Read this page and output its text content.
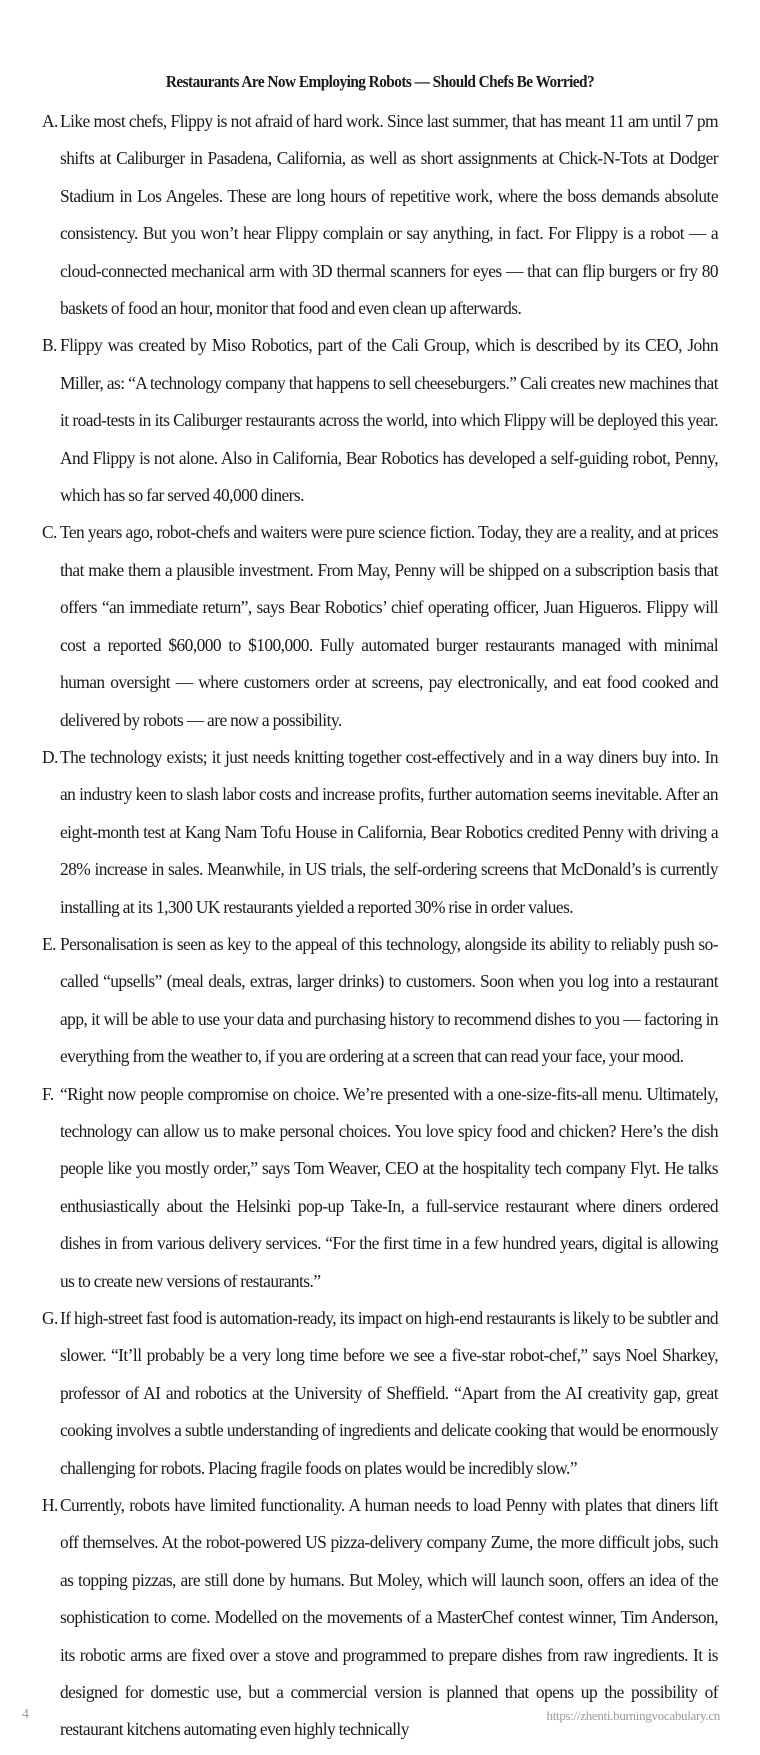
Restaurants Are Now Employing Robots — Should Chefs Be Worried?

A. Like most chefs, Flippy is not afraid of hard work. Since last summer, that has meant 11 am until 7 pm shifts at Caliburger in Pasadena, California, as well as short assignments at Chick-N-Tots at Dodger Stadium in Los Angeles. These are long hours of repetitive work, where the boss demands absolute consistency. But you won’t hear Flippy complain or say anything, in fact. For Flippy is a robot — a cloud-connected mechanical arm with 3D thermal scanners for eyes — that can flip burgers or fry 80 baskets of food an hour, monitor that food and even clean up afterwards.

B. Flippy was created by Miso Robotics, part of the Cali Group, which is described by its CEO, John Miller, as: “A technology company that happens to sell cheeseburgers.” Cali creates new machines that it road-tests in its Caliburger restaurants across the world, into which Flippy will be deployed this year. And Flippy is not alone. Also in California, Bear Robotics has developed a self-guiding robot, Penny, which has so far served 40,000 diners.

C. Ten years ago, robot-chefs and waiters were pure science fiction. Today, they are a reality, and at prices that make them a plausible investment. From May, Penny will be shipped on a subscription basis that offers “an immediate return”, says Bear Robotics’ chief operating officer, Juan Higueros. Flippy will cost a reported $60,000 to $100,000. Fully automated burger restaurants managed with minimal human oversight — where customers order at screens, pay electronically, and eat food cooked and delivered by robots — are now a possibility.

D. The technology exists; it just needs knitting together cost-effectively and in a way diners buy into. In an industry keen to slash labor costs and increase profits, further automation seems inevitable. After an eight-month test at Kang Nam Tofu House in California, Bear Robotics credited Penny with driving a 28% increase in sales. Meanwhile, in US trials, the self-ordering screens that McDonald’s is currently installing at its 1,300 UK restaurants yielded a reported 30% rise in order values.

E. Personalisation is seen as key to the appeal of this technology, alongside its ability to reliably push so-called “upsells” (meal deals, extras, larger drinks) to customers. Soon when you log into a restaurant app, it will be able to use your data and purchasing history to recommend dishes to you — factoring in everything from the weather to, if you are ordering at a screen that can read your face, your mood.

F. “Right now people compromise on choice. We’re presented with a one-size-fits-all menu. Ultimately, technology can allow us to make personal choices. You love spicy food and chicken? Here’s the dish people like you mostly order,” says Tom Weaver, CEO at the hospitality tech company Flyt. He talks enthusiastically about the Helsinki pop-up Take-In, a full-service restaurant where diners ordered dishes in from various delivery services. “For the first time in a few hundred years, digital is allowing us to create new versions of restaurants.”

G. If high-street fast food is automation-ready, its impact on high-end restaurants is likely to be subtler and slower. “It’ll probably be a very long time before we see a five-star robot-chef,” says Noel Sharkey, professor of AI and robotics at the University of Sheffield. “Apart from the AI creativity gap, great cooking involves a subtle understanding of ingredients and delicate cooking that would be enormously challenging for robots. Placing fragile foods on plates would be incredibly slow.”

H. Currently, robots have limited functionality. A human needs to load Penny with plates that diners lift off themselves. At the robot-powered US pizza-delivery company Zume, the more difficult jobs, such as topping pizzas, are still done by humans. But Moley, which will launch soon, offers an idea of the sophistication to come. Modelled on the movements of a MasterChef contest winner, Tim Anderson, its robotic arms are fixed over a stove and programmed to prepare dishes from raw ingredients. It is designed for domestic use, but a commercial version is planned that opens up the possibility of restaurant kitchens automating even highly technically

4	https://zhenti.burningvocabulary.cn
